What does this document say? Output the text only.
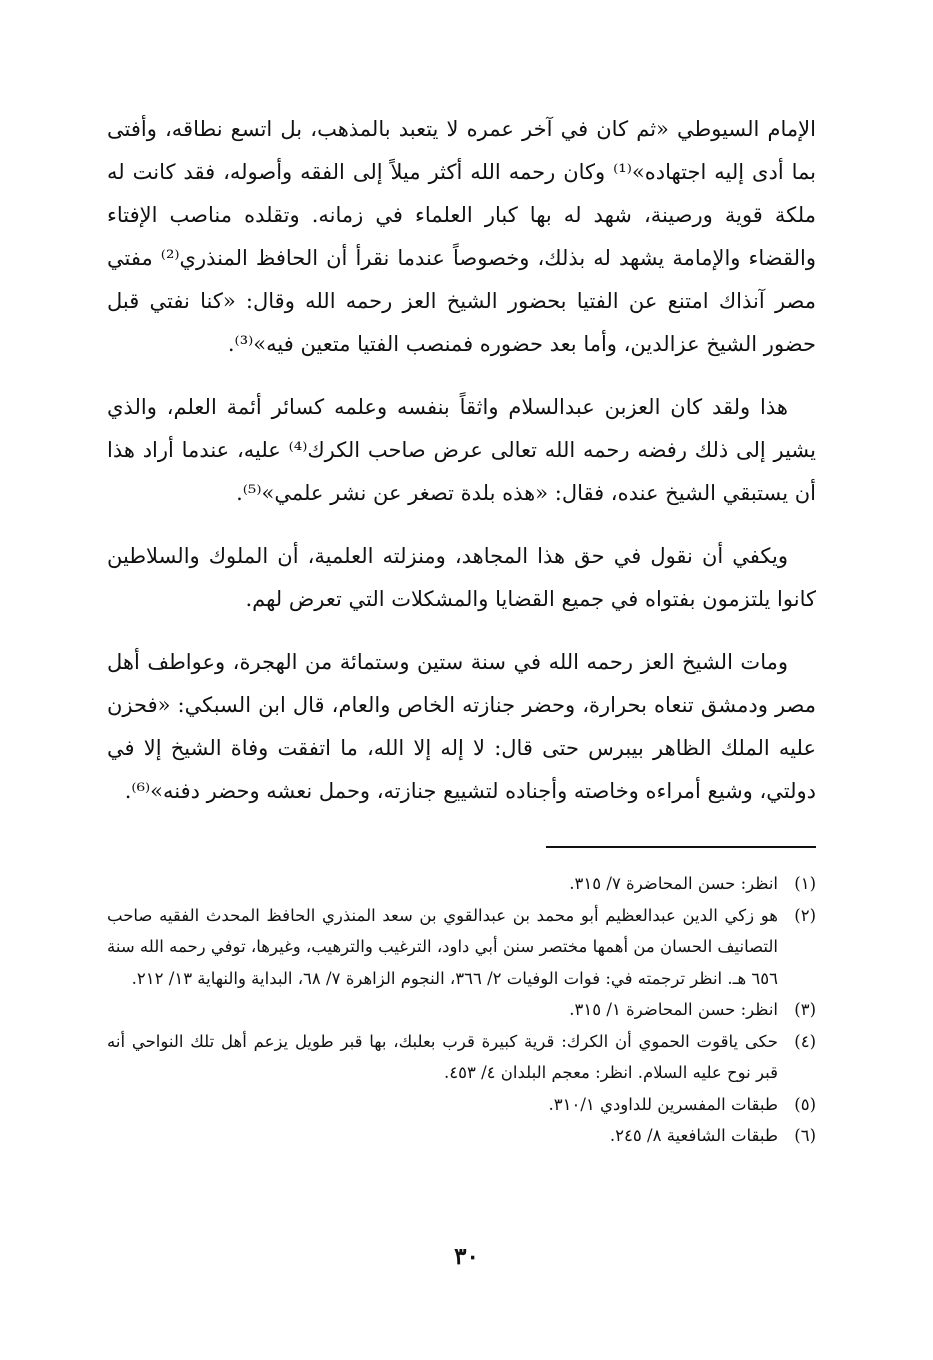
الإمام السيوطي «ثم كان في آخر عمره لا يتعبد بالمذهب، بل اتسع نطاقه، وأفتى بما أدى إليه اجتهاده»⁽¹⁾ وكان رحمه الله أكثر ميلاً إلى الفقه وأصوله، فقد كانت له ملكة قوية ورصينة، شهد له بها كبار العلماء في زمانه. وتقلده مناصب الإفتاء والقضاء والإمامة يشهد له بذلك، وخصوصاً عندما نقرأ أن الحافظ المنذري⁽²⁾ مفتي مصر آنذاك امتنع عن الفتيا بحضور الشيخ العز رحمه الله وقال: «كنا نفتي قبل حضور الشيخ عزالدين، وأما بعد حضوره فمنصب الفتيا متعين فيه»⁽³⁾.

هذا ولقد كان العزبن عبدالسلام واثقاً بنفسه وعلمه كسائر أئمة العلم، والذي يشير إلى ذلك رفضه رحمه الله تعالى عرض صاحب الكرك⁽⁴⁾ عليه، عندما أراد هذا أن يستبقي الشيخ عنده، فقال: «هذه بلدة تصغر عن نشر علمي»⁽⁵⁾.

ويكفي أن نقول في حق هذا المجاهد، ومنزلته العلمية، أن الملوك والسلاطين كانوا يلتزمون بفتواه في جميع القضايا والمشكلات التي تعرض لهم.

ومات الشيخ العز رحمه الله في سنة ستين وستمائة من الهجرة، وعواطف أهل مصر ودمشق تنعاه بحرارة، وحضر جنازته الخاص والعام، قال ابن السبكي: «فحزن عليه الملك الظاهر بيبرس حتى قال: لا إله إلا الله، ما اتفقت وفاة الشيخ إلا في دولتي، وشيع أمراءه وخاصته وأجناده لتشييع جنازته، وحمل نعشه وحضر دفنه»⁽⁶⁾.

(١)
انظر: حسن المحاضرة ٧/ ٣١٥.
(٢)
هو زكي الدين عبدالعظيم أبو محمد بن عبدالقوي بن سعد المنذري الحافظ المحدث الفقيه صاحب التصانيف الحسان من أهمها مختصر سنن أبي داود، الترغيب والترهيب، وغيرها، توفي رحمه الله سنة ٦٥٦ هـ. انظر ترجمته في: فوات الوفيات ٢/ ٣٦٦، النجوم الزاهرة ٧/ ٦٨، البداية والنهاية ١٣/ ٢١٢.
(٣)
انظر: حسن المحاضرة ١/ ٣١٥.
(٤)
حكى ياقوت الحموي أن الكرك: قرية كبيرة قرب بعلبك، بها قبر طويل يزعم أهل تلك النواحي أنه قبر نوح عليه السلام. انظر: معجم البلدان ٤/ ٤٥٣.
(٥)
طبقات المفسرين للداودي ٣١٠/١.
(٦)
طبقات الشافعية ٨/ ٢٤٥.
٣٠
